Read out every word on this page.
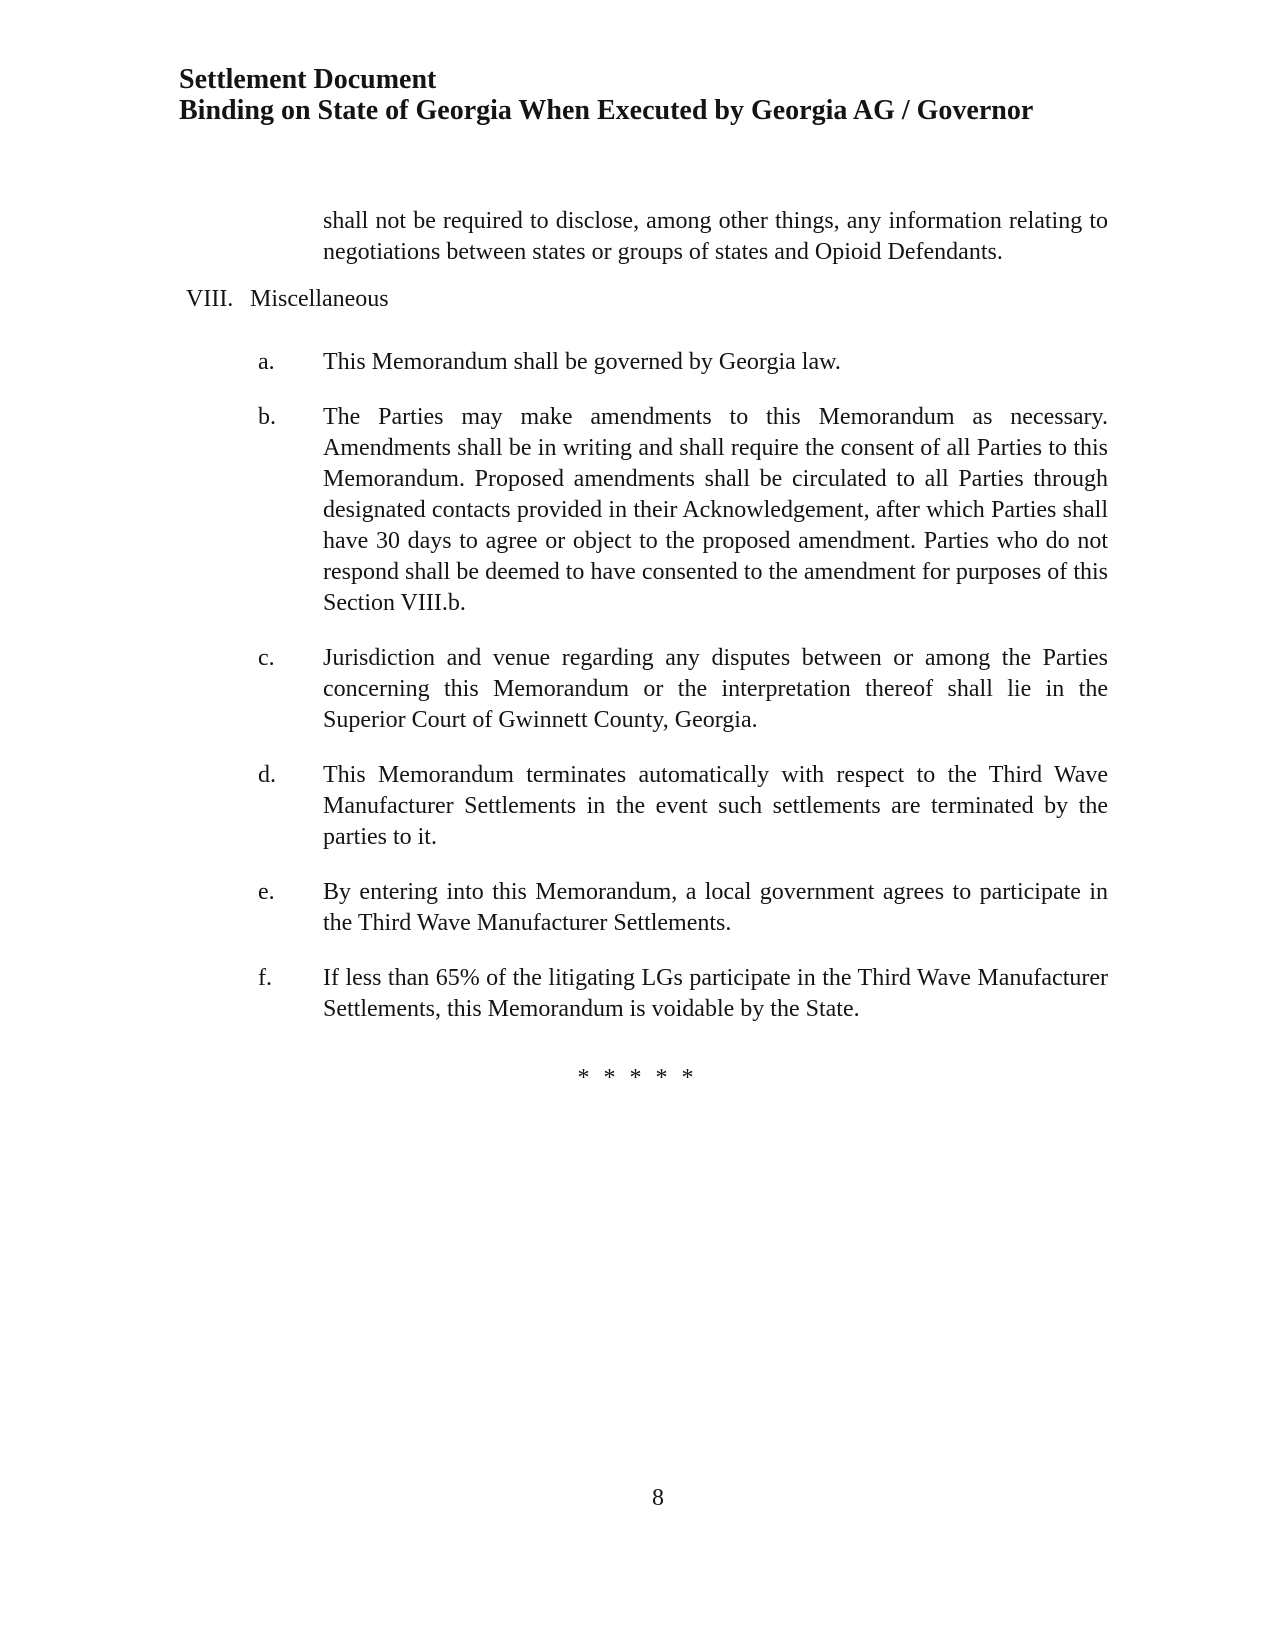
Settlement Document
Binding on State of Georgia When Executed by Georgia AG / Governor

shall not be required to disclose, among other things, any information relating to negotiations between states or groups of states and Opioid Defendants.

VIII. Miscellaneous
a.	This Memorandum shall be governed by Georgia law.

b.	The Parties may make amendments to this Memorandum as necessary. Amendments shall be in writing and shall require the consent of all Parties to this Memorandum. Proposed amendments shall be circulated to all Parties through designated contacts provided in their Acknowledgement, after which Parties shall have 30 days to agree or object to the proposed amendment. Parties who do not respond shall be deemed to have consented to the amendment for purposes of this Section VIII.b.

c.	Jurisdiction and venue regarding any disputes between or among the Parties concerning this Memorandum or the interpretation thereof shall lie in the Superior Court of Gwinnett County, Georgia.

d.	This Memorandum terminates automatically with respect to the Third Wave Manufacturer Settlements in the event such settlements are terminated by the parties to it.

e.	By entering into this Memorandum, a local government agrees to participate in the Third Wave Manufacturer Settlements.

f.	If less than 65% of the litigating LGs participate in the Third Wave Manufacturer Settlements, this Memorandum is voidable by the State.

* * * * *
8
